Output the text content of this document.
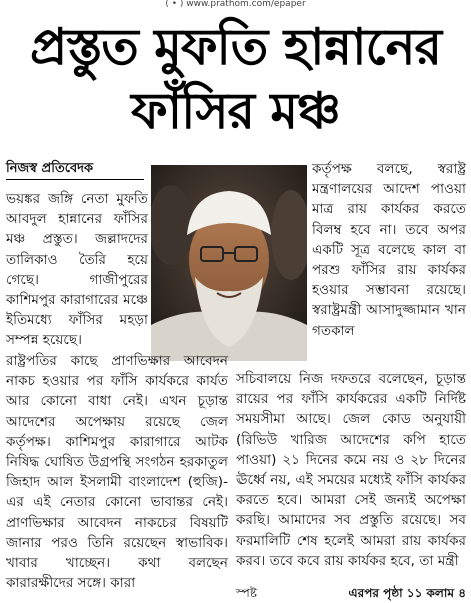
( • ) www.prathom.com/epaper
প্রস্তুত মুফতি হান্নানের
ফাঁসির মঞ্চ
নিজস্ব প্রতিবেদক

ভয়ঙ্কর জঙ্গি নেতা মুফতি আবদুল হান্নানের ফাঁসির মঞ্চ প্রস্তুত। জল্লাদদের তালিকাও তৈরি হয়ে গেছে। গাজীপুরের কাশিমপুর কারাগারের মঞ্চে ইতিমধ্যে ফাঁসির মহড়া সম্পন্ন হয়েছে।

কর্তৃপক্ষ বলছে, স্বরাষ্ট্র মন্ত্রণালয়ের আদেশ পাওয়া মাত্র রায় কার্যকর করতে বিলম্ব হবে না। তবে অপর একটি সূত্র বলেছে কাল বা পরশু ফাঁসির রায় কার্যকর হওয়ার সম্ভাবনা রয়েছে। স্বরাষ্ট্রমন্ত্রী আসাদুজ্জামান খান গতকাল

রাষ্ট্রপতির কাছে প্রাণভিক্ষার আবেদন নাকচ হওয়ার পর ফাঁসি কার্যকরে কার্যত আর কোনো বাধা নেই। এখন চূড়ান্ত আদেশের অপেক্ষায় রয়েছে জেল কর্তৃপক্ষ। কাশিমপুর কারাগারে আটক নিষিদ্ধ ঘোষিত উগ্রপন্থি সংগঠন হরকাতুল জিহাদ আল ইসলামী বাংলাদেশ (হুজি)-এর এই নেতার কোনো ভাবান্তর নেই। প্রাণভিক্ষার আবেদন নাকচের বিষয়টি জানার পরও তিনি রয়েছেন স্বাভাবিক। খাবার খাচ্ছেন। কথা বলছেন কারারক্ষীদের সঙ্গে। কারা

সচিবালয়ে নিজ দফতরে বলেছেন, চূড়ান্ত রায়ের পর ফাঁসি কার্যকরের একটি নির্দিষ্ট সময়সীমা আছে। জেল কোড অনুযায়ী (রিভিউ খারিজ আদেশের কপি হাতে পাওয়া) ২১ দিনের কমে নয় ও ২৮ দিনের ঊর্ধ্বে নয়, এই সময়ের মধ্যেই ফাঁসি কার্যকর করতে হবে। আমরা সেই জন্যই অপেক্ষা করছি। আমাদের সব প্রস্তুতি রয়েছে। সব ফরমালিটি শেষ হলেই আমরা রায় কার্যকর করব। তবে কবে রায় কার্যকর হবে, তা মন্ত্রী

স্পষ্ট	এরপর পৃষ্ঠা ১১ কলাম ৪
